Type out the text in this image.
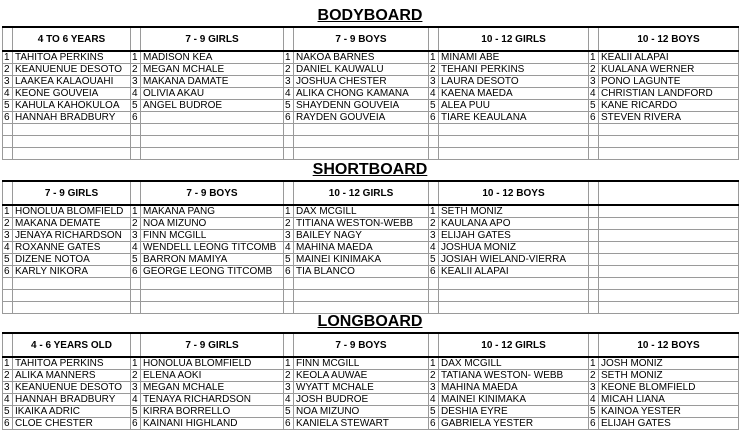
BODYBOARD
	4 TO 6 YEARS		7 - 9 GIRLS		7 - 9 BOYS		10 - 12 GIRLS		10 - 12 BOYS
1	TAHITOA PERKINS	1	MADISON KEA	1	NAKOA BARNES	1	MINAMI ABE	1	KEALII ALAPAI
2	KEANUENUE DESOTO	2	MEGAN MCHALE	2	DANIEL KAUWALU	2	TEHANI PERKINS	2	KUALANA WERNER
3	LAAKEA KALAOUAHI	3	MAKANA DAMATE	3	JOSHUA CHESTER	3	LAURA DESOTO	3	PONO LAGUNTE
4	KEONE GOUVEIA	4	OLIVIA AKAU	4	ALIKA CHONG KAMANA	4	KAENA MAEDA	4	CHRISTIAN LANDFORD
5	KAHULA KAHOKULOA	5	ANGEL BUDROE	5	SHAYDENN GOUVEIA	5	ALEA PUU	5	KANE RICARDO
6	HANNAH BRADBURY	6		6	RAYDEN GOUVEIA	6	TIARE KEAULANA	6	STEVEN RIVERA

SHORTBOARD
	7 - 9 GIRLS		7 - 9 BOYS		10 - 12 GIRLS		10 - 12 BOYS		
1	HONOLUA BLOMFIELD	1	MAKANA PANG	1	DAX MCGILL	1	SETH MONIZ		
2	MAKANA DEMATE	2	NOA MIZUNO	2	TITIANA WESTON-WEBB	2	KAULANA APO		
3	JENAYA RICHARDSON	3	FINN MCGILL	3	BAILEY NAGY	3	ELIJAH GATES		
4	ROXANNE GATES	4	WENDELL LEONG TITCOMB	4	MAHINA MAEDA	4	JOSHUA MONIZ		
5	DIZENE NOTOA	5	BARRON MAMIYA	5	MAINEI KINIMAKA	5	JOSIAH WIELAND-VIERRA		
6	KARLY NIKORA	6	GEORGE LEONG TITCOMB	6	TIA BLANCO	6	KEALII ALAPAI		

LONGBOARD
	4 - 6 YEARS OLD		7 - 9 GIRLS		7 - 9 BOYS		10 - 12 GIRLS		10 - 12 BOYS
1	TAHITOA PERKINS	1	HONOLUA BLOMFIELD	1	FINN MCGILL	1	DAX MCGILL	1	JOSH MONIZ
2	ALIKA MANNERS	2	ELENA AOKI	2	KEOLA AUWAE	2	TATIANA WESTON- WEBB	2	SETH MONIZ
3	KEANUENUE DESOTO	3	MEGAN MCHALE	3	WYATT MCHALE	3	MAHINA MAEDA	3	KEONE BLOMFIELD
4	HANNAH BRADBURY	4	TENAYA RICHARDSON	4	JOSH BUDROE	4	MAINEI KINIMAKA	4	MICAH LIANA
5	IKAIKA ADRIC	5	KIRRA BORRELLO	5	NOA MIZUNO	5	DESHIA EYRE	5	KAINOA YESTER
6	CLOE CHESTER	6	KAINANI HIGHLAND	6	KANIELA STEWART	6	GABRIELA YESTER	6	ELIJAH GATES
